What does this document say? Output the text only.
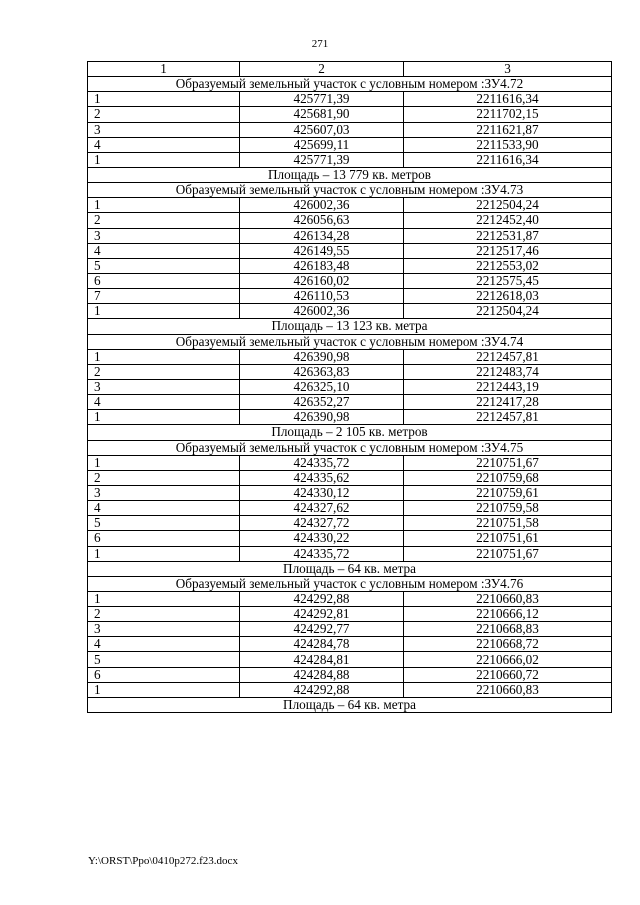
271
1	2	3
Образуемый земельный участок с условным номером :ЗУ4.72		
1	425771,39	2211616,34
2	425681,90	2211702,15
3	425607,03	2211621,87
4	425699,11	2211533,90
1	425771,39	2211616,34
Площадь – 13 779 кв. метров		
Образуемый земельный участок с условным номером :ЗУ4.73		
1	426002,36	2212504,24
2	426056,63	2212452,40
3	426134,28	2212531,87
4	426149,55	2212517,46
5	426183,48	2212553,02
6	426160,02	2212575,45
7	426110,53	2212618,03
1	426002,36	2212504,24
Площадь – 13 123 кв. метра		
Образуемый земельный участок с условным номером :ЗУ4.74		
1	426390,98	2212457,81
2	426363,83	2212483,74
3	426325,10	2212443,19
4	426352,27	2212417,28
1	426390,98	2212457,81
Площадь – 2 105 кв. метров		
Образуемый земельный участок с условным номером :ЗУ4.75		
1	424335,72	2210751,67
2	424335,62	2210759,68
3	424330,12	2210759,61
4	424327,62	2210759,58
5	424327,72	2210751,58
6	424330,22	2210751,61
1	424335,72	2210751,67
Площадь – 64 кв. метра		
Образуемый земельный участок с условным номером :ЗУ4.76		
1	424292,88	2210660,83
2	424292,81	2210666,12
3	424292,77	2210668,83
4	424284,78	2210668,72
5	424284,81	2210666,02
6	424284,88	2210660,72
1	424292,88	2210660,83
Площадь – 64 кв. метра		
Y:\ORST\Ppo\0410p272.f23.docx
